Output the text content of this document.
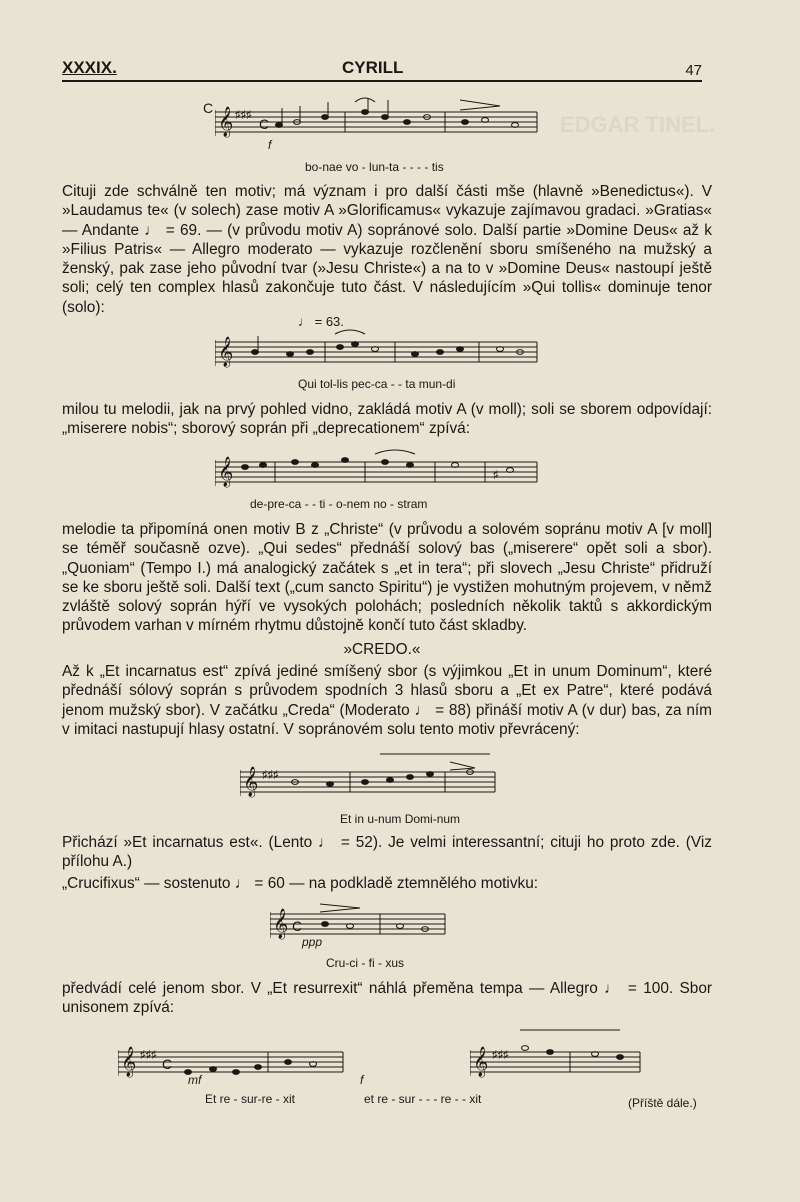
EDGAR TINEL.
XXXIX.	CYRILL	47
C 𝄞 ♯♯♯
C
f
bo-nae vo - lun-ta - - - - tis
Cituji zde schválně ten motiv; má význam i pro další části mše (hlavně »Benedictus«). V »Laudamus te« (v solech) zase motiv A »Glorificamus« vykazuje zajímavou gradaci. »Gratias« — Andante ♩ = 69. — (v průvodu motiv A) sopránové solo. Další partie »Domine Deus« až k »Filius Patris« — Allegro moderato — vykazuje rozčlenění sboru smíšeného na mužský a ženský, pak zase jeho původní tvar (»Jesu Christe«) a na to v »Domine Deus« nastoupí ještě soli; celý ten complex hlasů zakončuje tuto část. V následujícím »Qui tollis« dominuje tenor (solo):
♩ = 63.
𝄞
Qui tol-lis pec-ca - - ta mun-di
milou tu melodii, jak na prvý pohled vidno, zakládá motiv A (v moll); soli se sborem odpovídají: „miserere nobis“; sborový soprán při „deprecationem“ zpívá:
𝄞	♯
de-pre-ca - - ti - o-nem no - stram
melodie ta připomíná onen motiv B z „Christe“ (v průvodu a solovém sopránu motiv A [v moll] se téměř současně ozve). „Qui sedes“ přednáší solový bas („miserere“ opět soli a sbor). „Quoniam“ (Tempo I.) má analogický začátek s „et in tera“; při slovech „Jesu Christe“ přidruží se ke sboru ještě soli. Další text („cum sancto Spiritu“) je vystižen mohutným projevem, v němž zvláště solový soprán hýří ve vysokých polohách; posledních několik taktů s akkordickým průvodem varhan v mírném rhytmu důstojně končí tuto část skladby.
»CREDO.«
Až k „Et incarnatus est“ zpívá jediné smíšený sbor (s výjimkou „Et in unum Dominum“, které přednáší sólový soprán s průvodem spodních 3 hlasů sboru a „Et ex Patre“, které podává jenom mužský sbor). V začátku „Creda“ (Moderato ♩ = 88) přináší motiv A (v dur) bas, za ním v imitaci nastupují hlasy ostatní. V sopránovém solu tento motiv převrácený:
𝄞 ♯♯♯
Et in u-num Domi-num
Přichází »Et incarnatus est«. (Lento ♩ = 52). Je velmi interessantní; cituji ho proto zde. (Viz přílohu A.)
„Crucifixus“ — sostenuto ♩ = 60 — na podkladě ztemnělého motivku:
𝄞 C
ppp
Cru-ci - fi - xus
předvádí celé jenom sbor. V „Et resurrexit“ náhlá přeměna tempa — Allegro ♩ = 100. Sbor unisonem zpívá:
𝄞 ♯♯♯
C	𝄞 ♯♯♯
mf	f
Et re - sur-re - xit	et re - sur - - - re - - xit	(Příště dále.)
